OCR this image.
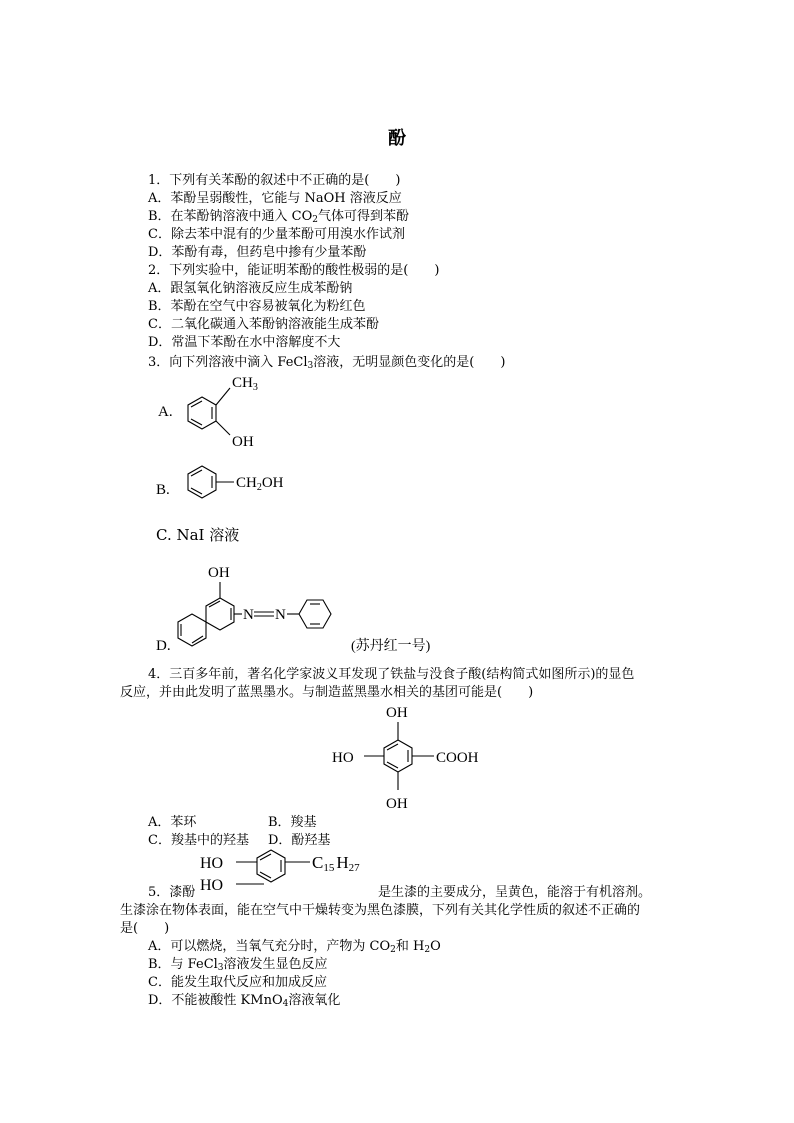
酚
1．下列有关苯酚的叙述中不正确的是(　　)
A．苯酚呈弱酸性，它能与 NaOH 溶液反应
B．在苯酚钠溶液中通入 $CO_2$气体可得到苯酚
C．除去苯中混有的少量苯酚可用溴水作试剂
D．苯酚有毒，但药皂中掺有少量苯酚
2．下列实验中，能证明苯酚的酸性极弱的是(　　)
A．跟氢氧化钠溶液反应生成苯酚钠
B．苯酚在空气中容易被氧化为粉红色
C．二氧化碳通入苯酚钠溶液能生成苯酚
D．常温下苯酚在水中溶解度不大
3．向下列溶液中滴入 FeCl$_3$溶液，无明显颜色变化的是(　　)
A.
$CH_3$
OH
B.	$CH_2OH$
C. NaI 溶液
D.
OH
N N
(苏丹红一号)
4．三百多年前，著名化学家波义耳发现了铁盐与没食子酸(结构简式如图所示)的显色
反应，并由此发明了蓝黑墨水。与制造蓝黑墨水相关的基团可能是(　　)
OH
HO	COOH
OH
A．苯环	B．羧基
C．羧基中的羟基 D．酚羟基
HO
HO
C15 H27
5．漆酚	是生漆的主要成分，呈黄色，能溶于有机溶剂。
生漆涂在物体表面，能在空气中干燥转变为黑色漆膜，下列有关其化学性质的叙述不正确的
是(　　)
A．可以燃烧，当氧气充分时，产物为 $CO_2$和 $H_2O$
B．与 FeCl$_3$溶液发生显色反应
C．能发生取代反应和加成反应
D．不能被酸性 KMnO$_4$溶液氧化
